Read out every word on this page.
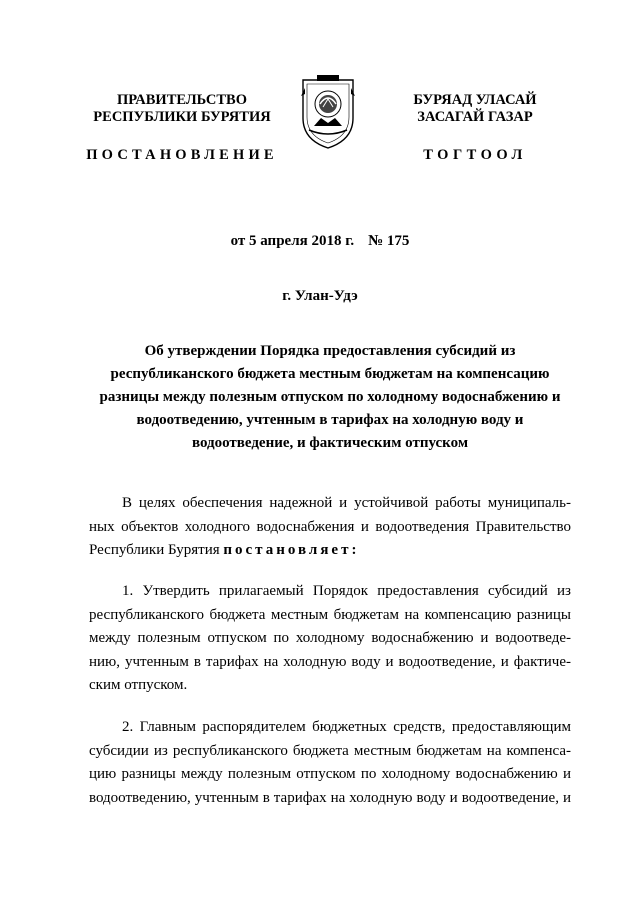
ПРАВИТЕЛЬСТВО
РЕСПУБЛИКИ БУРЯТИЯ
ПОСТАНОВЛЕНИЕ
БУРЯАД УЛАСАЙ
ЗАСАГАЙ ГАЗАР
ТОГТООЛ
от 5 апреля 2018 г. № 175
г. Улан-Удэ
Об утверждении Порядка предоставления субсидий из
республиканского бюджета местным бюджетам на компенсацию
разницы между полезным отпуском по холодному водоснабжению и
водоотведению, учтенным в тарифах на холодную воду и
водоотведение, и фактическим отпуском
В целях обеспечения надежной и устойчивой работы муниципаль-
ных объектов холодного водоснабжения и водоотведения Правительство
Республики Бурятия постановляет:
1. Утвердить прилагаемый Порядок предоставления субсидий из
республиканского бюджета местным бюджетам на компенсацию разницы
между полезным отпуском по холодному водоснабжению и водоотведе-
нию, учтенным в тарифах на холодную воду и водоотведение, и фактиче-
ским отпуском.
2. Главным распорядителем бюджетных средств, предоставляющим
субсидии из республиканского бюджета местным бюджетам на компенса-
цию разницы между полезным отпуском по холодному водоснабжению и
водоотведению, учтенным в тарифах на холодную воду и водоотведение, и
